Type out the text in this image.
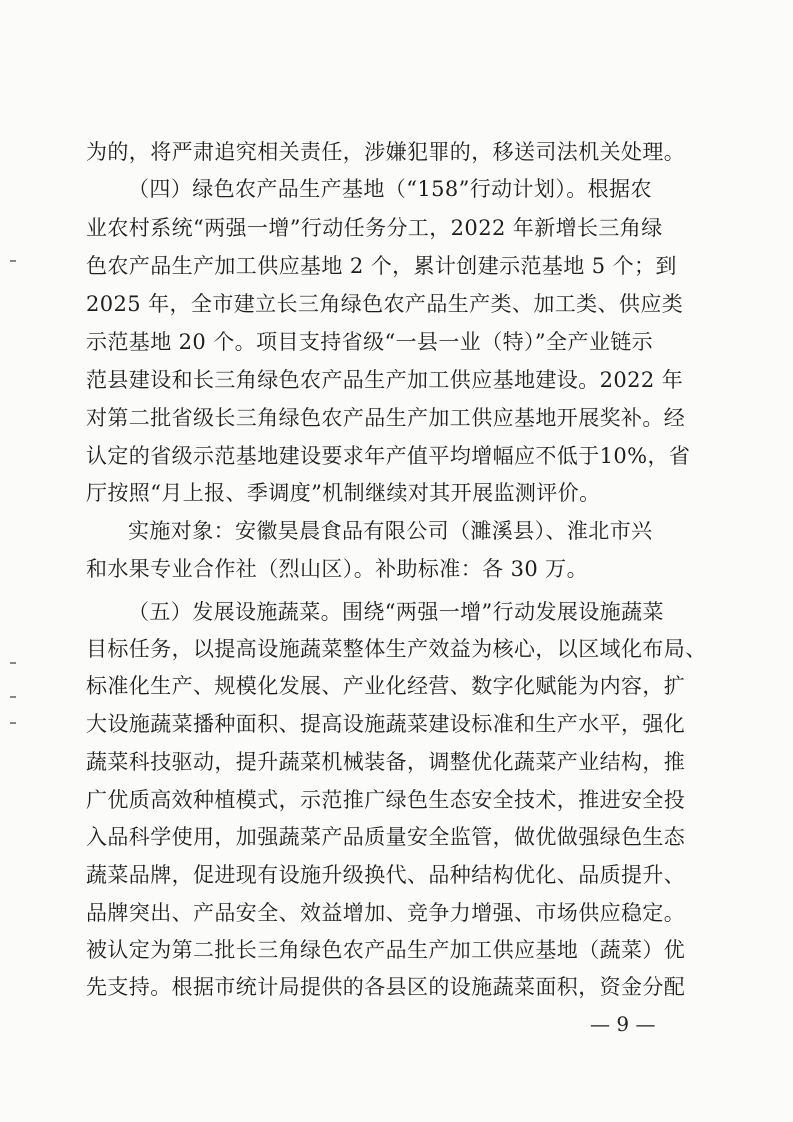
为的，将严肃追究相关责任，涉嫌犯罪的，移送司法机关处理。
（四）绿色农产品生产基地（“158”行动计划）。根据农
业农村系统“两强一增”行动任务分工，2022 年新增长三角绿
色农产品生产加工供应基地 2 个，累计创建示范基地 5 个；到
2025 年，全市建立长三角绿色农产品生产类、加工类、供应类
示范基地 20 个。项目支持省级“一县一业（特）”全产业链示
范县建设和长三角绿色农产品生产加工供应基地建设。2022 年
对第二批省级长三角绿色农产品生产加工供应基地开展奖补。经
认定的省级示范基地建设要求年产值平均增幅应不低于10%，省
厅按照“月上报、季调度”机制继续对其开展监测评价。
实施对象：安徽昊晨食品有限公司（濉溪县）、淮北市兴
和水果专业合作社（烈山区）。补助标准：各 30 万。
（五）发展设施蔬菜。围绕“两强一增”行动发展设施蔬菜
目标任务，以提高设施蔬菜整体生产效益为核心，以区域化布局、
标准化生产、规模化发展、产业化经营、数字化赋能为内容，扩
大设施蔬菜播种面积、提高设施蔬菜建设标准和生产水平，强化
蔬菜科技驱动，提升蔬菜机械装备，调整优化蔬菜产业结构，推
广优质高效种植模式，示范推广绿色生态安全技术，推进安全投
入品科学使用，加强蔬菜产品质量安全监管，做优做强绿色生态
蔬菜品牌，促进现有设施升级换代、品种结构优化、品质提升、
品牌突出、产品安全、效益增加、竞争力增强、市场供应稳定。
被认定为第二批长三角绿色农产品生产加工供应基地（蔬菜）优
先支持。根据市统计局提供的各县区的设施蔬菜面积，资金分配
— 9 —
